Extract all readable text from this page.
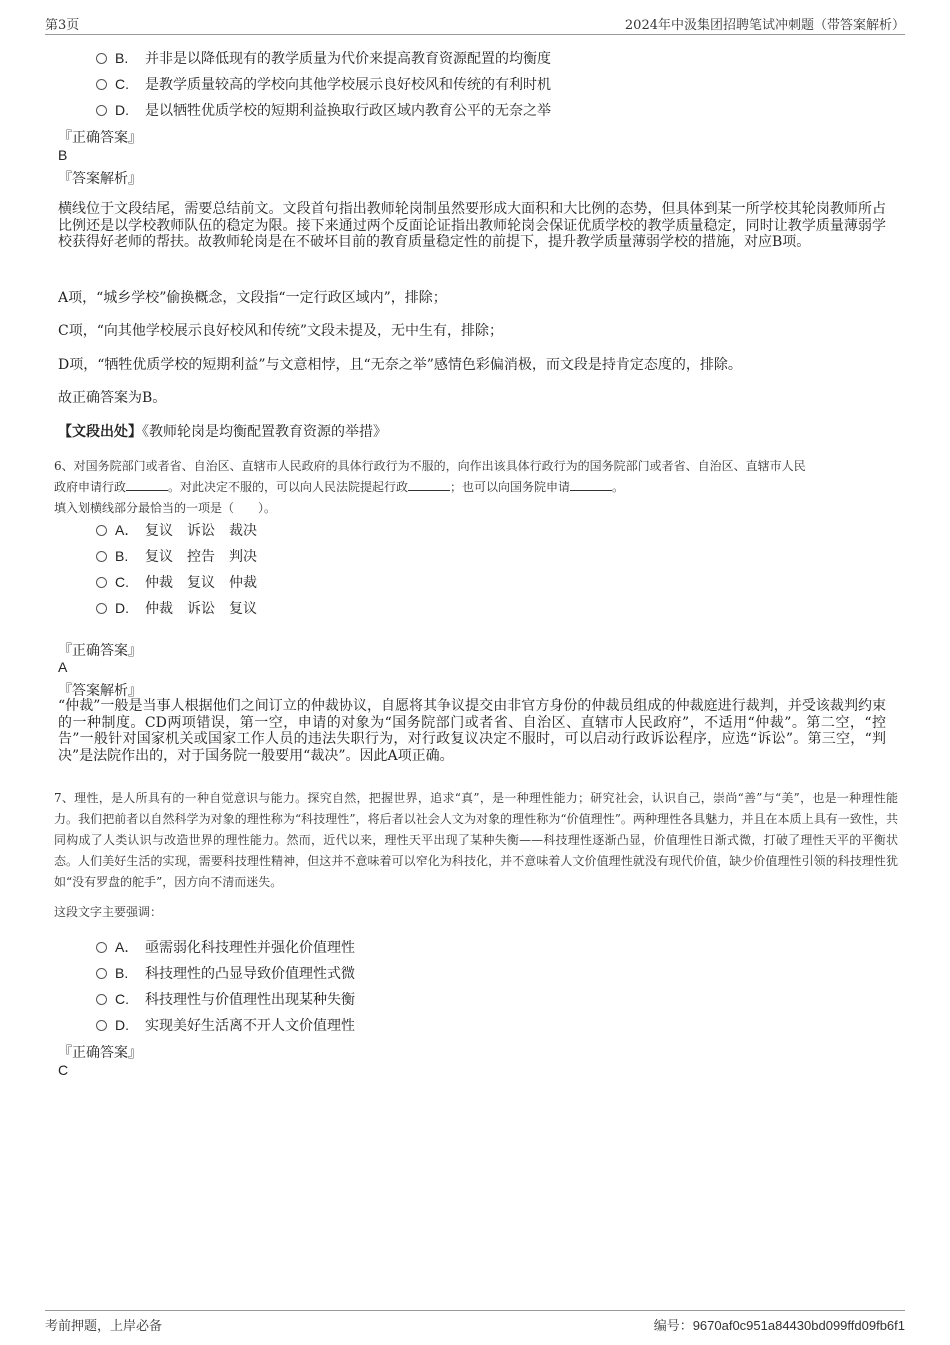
第3页	2024年中汲集团招聘笔试冲刺题（带答案解析）
B. 并非是以降低现有的教学质量为代价来提高教育资源配置的均衡度
C. 是教学质量较高的学校向其他学校展示良好校风和传统的有利时机
D. 是以牺牲优质学校的短期利益换取行政区域内教育公平的无奈之举
『正确答案』
B
『答案解析』
横线位于文段结尾，需要总结前文。文段首句指出教师轮岗制虽然要形成大面积和大比例的态势，但具体到某一所学校其轮岗教师所占比例还是以学校教师队伍的稳定为限。接下来通过两个反面论证指出教师轮岗会保证优质学校的教学质量稳定，同时让教学质量薄弱学校获得好老师的帮扶。故教师轮岗是在不破坏目前的教育质量稳定性的前提下，提升教学质量薄弱学校的措施，对应B项。
A项，“城乡学校”偷换概念，文段指“一定行政区域内”，排除；
C项，“向其他学校展示良好校风和传统”文段未提及，无中生有，排除；
D项，“牺牲优质学校的短期利益”与文意相悖，且“无奈之举”感情色彩偏消极，而文段是持肯定态度的，排除。
故正确答案为B。
【文段出处】《教师轮岗是均衡配置教育资源的举措》
6、对国务院部门或者省、自治区、直辖市人民政府的具体行政行为不服的，向作出该具体行政行为的国务院部门或者省、自治区、直辖市人民
政府申请行政	。对此决定不服的，可以向人民法院提起行政	；也可以向国务院申请	。
填入划横线部分最恰当的一项是（　　）。
A． 复议　诉讼　裁决
B. 复议　控告　判决
C. 仲裁　复议　仲裁
D. 仲裁　诉讼　复议
『正确答案』
A
『答案解析』
“仲裁”一般是当事人根据他们之间订立的仲裁协议，自愿将其争议提交由非官方身份的仲裁员组成的仲裁庭进行裁判，并受该裁判约束的一种制度。CD两项错误，第一空，申请的对象为“国务院部门或者省、自治区、直辖市人民政府”，不适用“仲裁”。第二空，“控告”一般针对国家机关或国家工作人员的违法失职行为，对行政复议决定不服时，可以启动行政诉讼程序，应选“诉讼”。第三空，“判决”是法院作出的，对于国务院一般要用“裁决”。因此A项正确。
7、理性，是人所具有的一种自觉意识与能力。探究自然，把握世界，追求“真”，是一种理性能力；研究社会，认识自己，崇尚“善”与“美”，也是一种理性能力。我们把前者以自然科学为对象的理性称为“科技理性”，将后者以社会人文为对象的理性称为“价值理性”。两种理性各具魅力，并且在本质上具有一致性，共同构成了人类认识与改造世界的理性能力。然而，近代以来，理性天平出现了某种失衡——科技理性逐渐凸显，价值理性日渐式微，打破了理性天平的平衡状态。人们美好生活的实现，需要科技理性精神，但这并不意味着可以窄化为科技化，并不意味着人文价值理性就没有现代价值，缺少价值理性引领的科技理性犹如“没有罗盘的舵手”，因方向不清而迷失。
这段文字主要强调：
A． 亟需弱化科技理性并强化价值理性
B. 科技理性的凸显导致价值理性式微
C. 科技理性与价值理性出现某种失衡
D. 实现美好生活离不开人文价值理性
『正确答案』
C
考前押题，上岸必备	编号：9670af0c951a84430bd099ffd09fb6f1
